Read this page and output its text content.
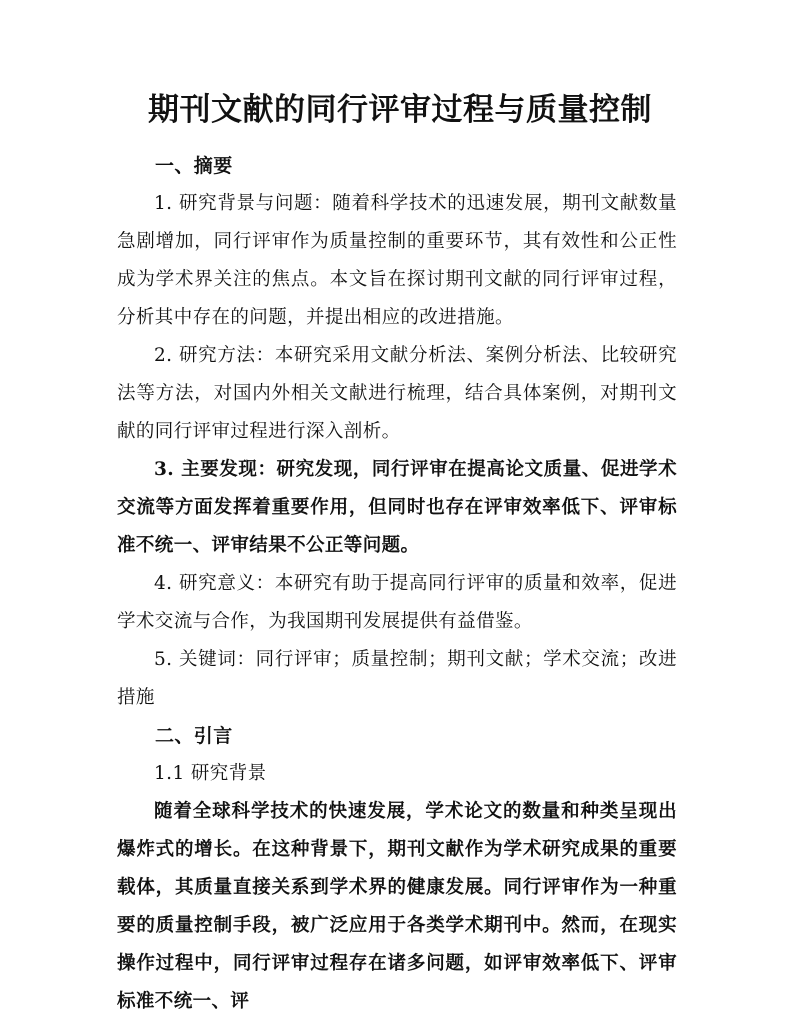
期刊文献的同行评审过程与质量控制

一、摘要

1. 研究背景与问题：随着科学技术的迅速发展，期刊文献数量急剧增加，同行评审作为质量控制的重要环节，其有效性和公正性成为学术界关注的焦点。本文旨在探讨期刊文献的同行评审过程，分析其中存在的问题，并提出相应的改进措施。

2. 研究方法：本研究采用文献分析法、案例分析法、比较研究法等方法，对国内外相关文献进行梳理，结合具体案例，对期刊文献的同行评审过程进行深入剖析。

3. 主要发现：研究发现，同行评审在提高论文质量、促进学术交流等方面发挥着重要作用，但同时也存在评审效率低下、评审标准不统一、评审结果不公正等问题。

4. 研究意义：本研究有助于提高同行评审的质量和效率，促进学术交流与合作，为我国期刊发展提供有益借鉴。

5. 关键词：同行评审；质量控制；期刊文献；学术交流；改进措施

二、引言

1.1 研究背景

随着全球科学技术的快速发展，学术论文的数量和种类呈现出爆炸式的增长。在这种背景下，期刊文献作为学术研究成果的重要载体，其质量直接关系到学术界的健康发展。同行评审作为一种重要的质量控制手段，被广泛应用于各类学术期刊中。然而，在现实操作过程中，同行评审过程存在诸多问题，如评审效率低下、评审标准不统一、评
